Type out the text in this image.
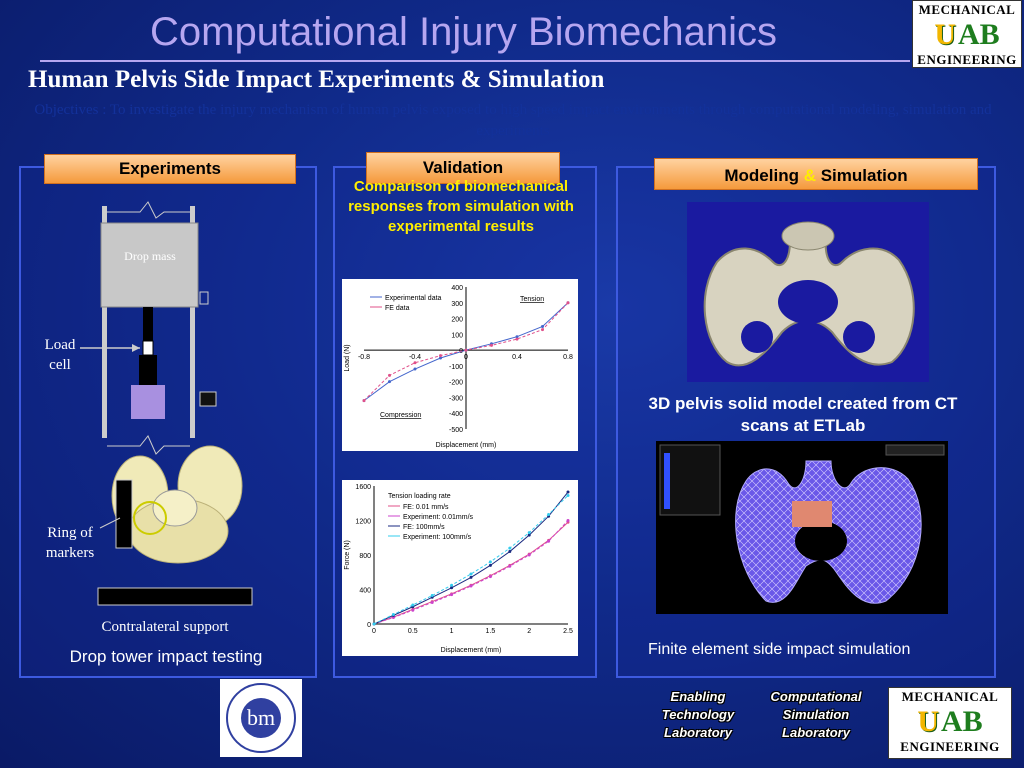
Computational Injury Biomechanics
Human Pelvis Side Impact Experiments & Simulation
Objectives : To investigate the injury mechanism of human pelvis exposed to high speed impact environments through computational modeling, simulation and experiments
MECHANICAL
U AB
ENGINEERING
Experiments
Drop mass
Load cell
Ring of markers
Contralateral support
Drop tower impact testing
Validation
Comparison of biomechanical responses from simulation with experimental results
400
300
200
100
0
-100
-200
-300
-400
-500
-0.8	-0.4	0	0.4	0.8
Displacement (mm)
Load (N)
Experimental data
FE data
Tension
Compression
1600
1200
800
400
0
0	0.5	1	1.5	2	2.5
Displacement (mm)
Force (N)
Tension loading rate
FE: 0.01 mm/s
Experiment: 0.01mm/s
FE: 100mm/s
Experiment: 100mm/s
Modeling & Simulation
3D pelvis solid model created from CT scans at ETLab
Finite element side impact simulation
bm
Enabling
Technology
Laboratory
Computational
Simulation
Laboratory
MECHANICAL
U AB
ENGINEERING
